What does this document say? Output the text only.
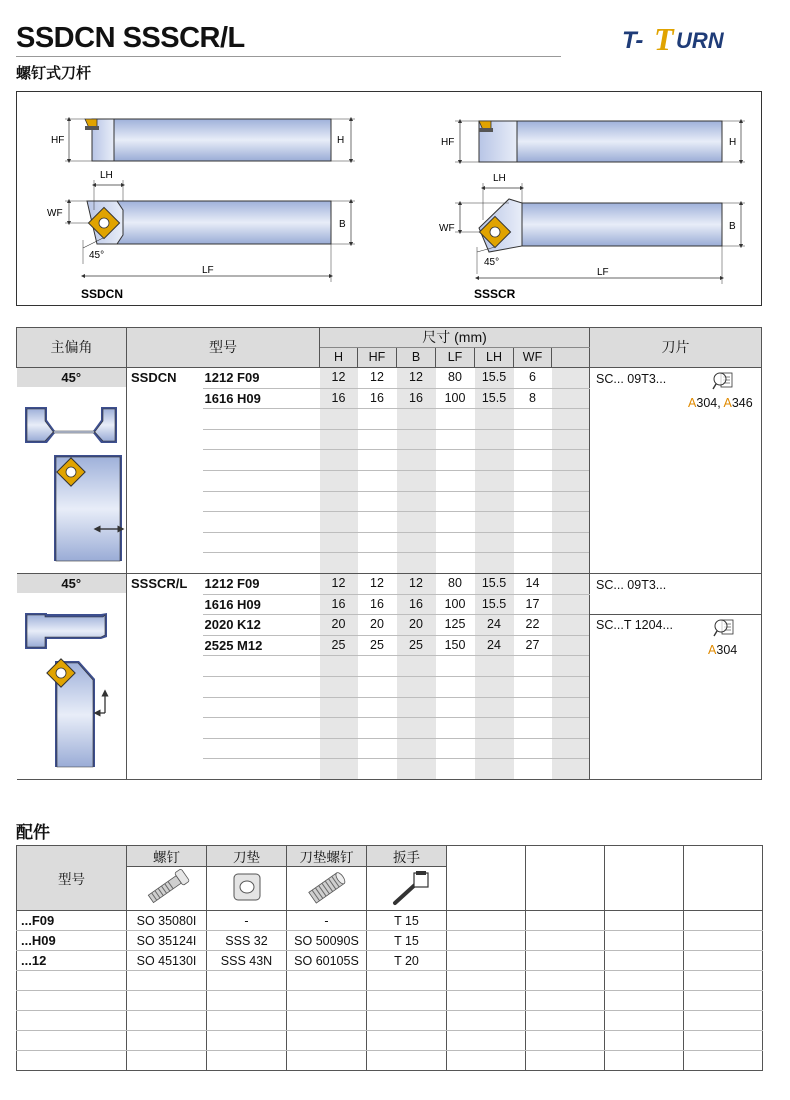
SSDCN SSSCR/L	T- T URN
螺钉式刀杆
HF	H
LH
WF
B
45°
LF
SSDCN
HF	H
LH
WF	B
45°
LF
SSSCR
主偏角	型号		尺寸 (mm)							刀片
			H	HF	B	LF	LH	WF		

45°	SSDCN	1212 F09	12	12	12	80	15.5	6		SC... 09T3...
A304, A346

		1616 H09	16	16	16	100	15.5	8		

45°	SSSCR/L	1212 F09	12	12	12	80	15.5	14		SC... 09T3...
SC...T 1204...
A304

		1616 H09	16	16	16	100	15.5	17		
		2020 K12	20	20	20	125	24	22		
		2525 M12	25	25	25	150	24	27		

配件
型号	螺钉	刀垫	刀垫螺钉	扳手				

...F09	SO 35080I	-	-	T 15				
...H09	SO 35124I	SSS 32	SO 50090S	T 15				
...12	SO 45130I	SSS 43N	SO 60105S	T 20				
